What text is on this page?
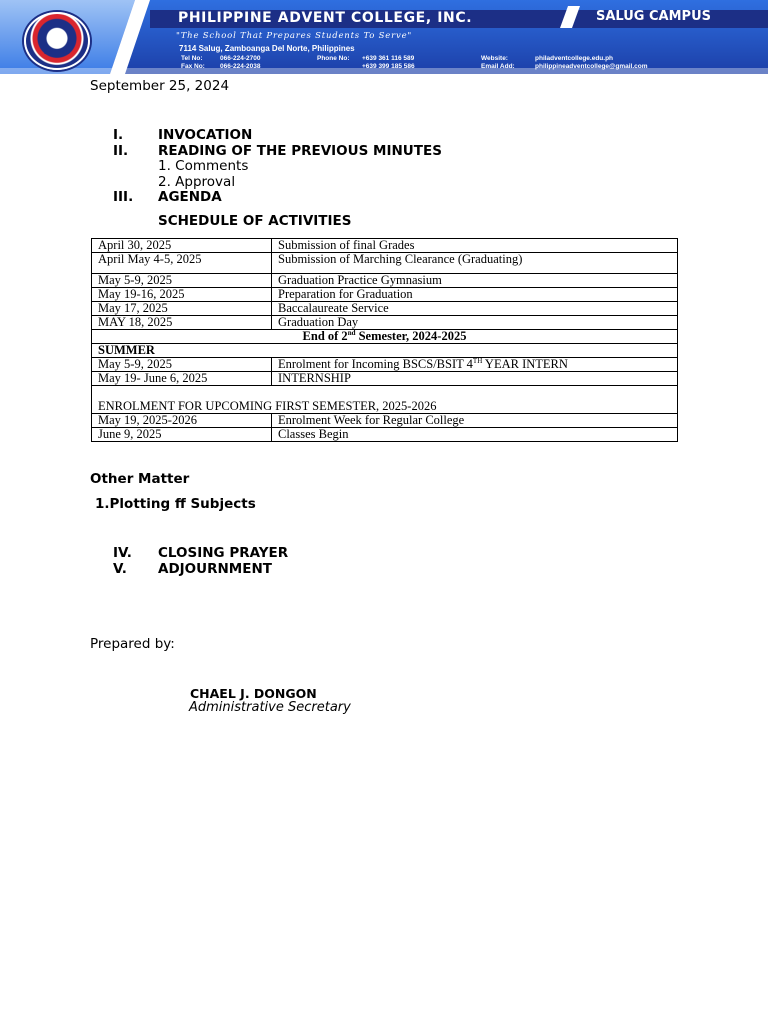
19 75
PHILIPPINE ADVENT COLLEGE, INC.	SALUG CAMPUS
"The School That Prepares Students To Serve"
7114 Salug, Zamboanga Del Norte, Philippines
Tel No:	066-224-2700
Fax No: 066-224-2038
Phone No: +639 361 116 589
+639 399 185 586
Website:	philadventcollege.edu.ph
Email Add:	philippineadventcollege@gmail.com
September 25, 2024
I.	INVOCATION
II. READING OF THE PREVIOUS MINUTES
1. Comments
2. Approval
III. AGENDA
SCHEDULE OF ACTIVITIES
April 30, 2025	Submission of final Grades
April May 4-5, 2025	Submission of Marching Clearance (Graduating)
May 5-9, 2025	Graduation Practice Gymnasium
May 19-16, 2025	Preparation for Graduation
May 17, 2025	Baccalaureate Service
MAY 18, 2025	Graduation Day
End of 2nd Semester, 2024-2025	
SUMMER	
May 5-9, 2025	Enrolment for Incoming BSCS/BSIT 4TH YEAR INTERN
May 19- June 6, 2025	INTERNSHIP
ENROLMENT FOR UPCOMING FIRST SEMESTER, 2025-2026	
May 19, 2025-2026	Enrolment Week for Regular College
June 9, 2025	Classes Begin
Other Matter
1.Plotting ff Subjects
IV. CLOSING PRAYER
V. ADJOURNMENT
Prepared by:
CHAEL J. DONGON
Administrative Secretary
